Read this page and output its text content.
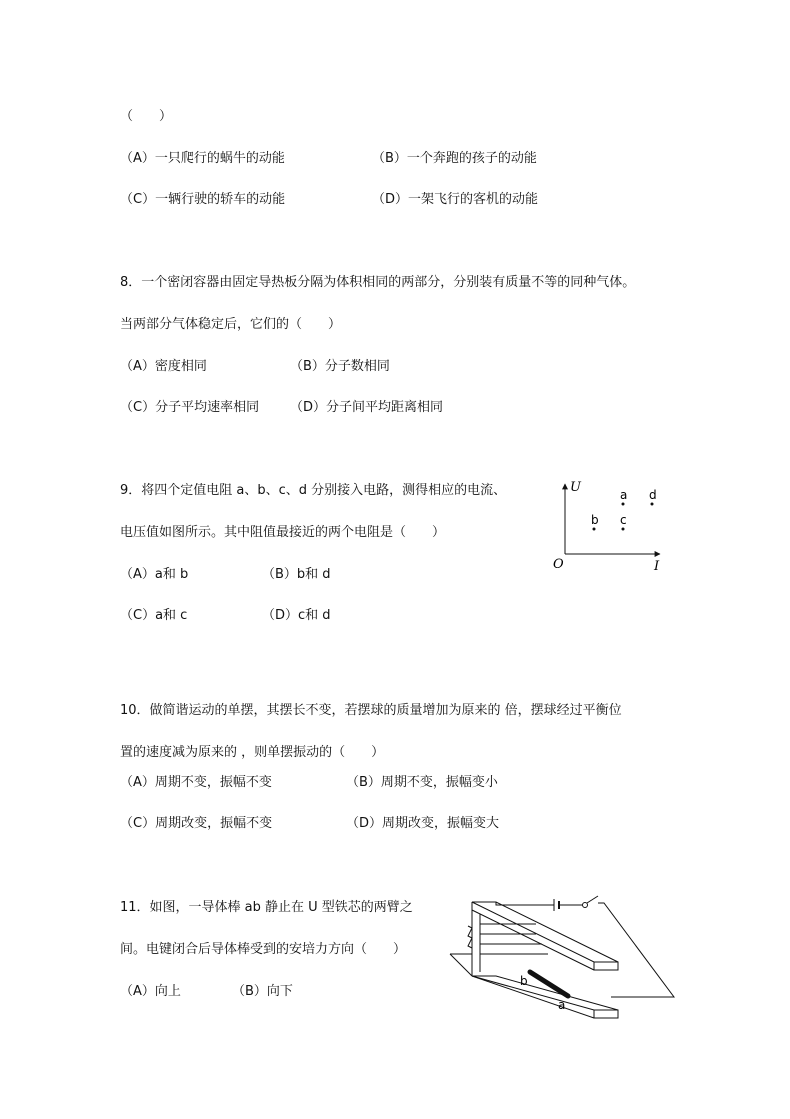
（　　）
（A）一只爬行的蜗牛的动能	（B）一个奔跑的孩子的动能
（C）一辆行驶的轿车的动能	（D）一架飞行的客机的动能
8．一个密闭容器由固定导热板分隔为体积相同的两部分，分别装有质量不等的同种气体。
当两部分气体稳定后，它们的（　　）
（A）密度相同	（B）分子数相同
（C）分子平均速率相同 （D）分子间平均距离相同
9．将四个定值电阻 a、b、c、d 分别接入电路，测得相应的电流、
电压值如图所示。其中阻值最接近的两个电阻是（　　）
（A）a和 b	（B）b和 d
（C）a和 c	（D）c和 d
U
I
O
a d
b c
10．做简谐运动的单摆，其摆长不变，若摆球的质量增加为原来的 倍，摆球经过平衡位
置的速度减为原来的 ，则单摆振动的（　　）
（A）周期不变，振幅不变	（B）周期不变，振幅变小
（C）周期改变，振幅不变	（D）周期改变，振幅变大
11．如图，一导体棒 ab 静止在 U 型铁芯的两臂之
间。电键闭合后导体棒受到的安培力方向（　　）
（A）向上	（B）向下
b
a
